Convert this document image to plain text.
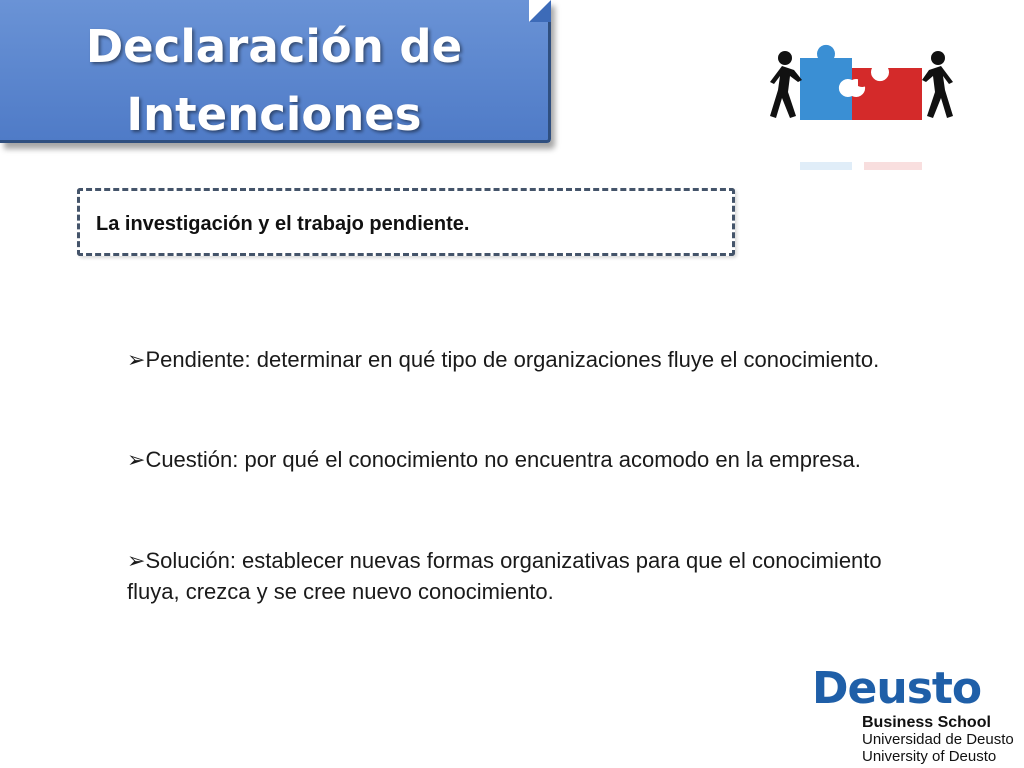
Declaración de
Intenciones
La investigación y el trabajo pendiente.
➢Pendiente: determinar en qué tipo de organizaciones fluye el conocimiento.
➢Cuestión: por qué el conocimiento no encuentra acomodo en la empresa.
➢Solución: establecer nuevas formas organizativas para que el conocimiento fluya, crezca y se cree nuevo conocimiento.
Deusto
Business School
Universidad de Deusto
University of Deusto
